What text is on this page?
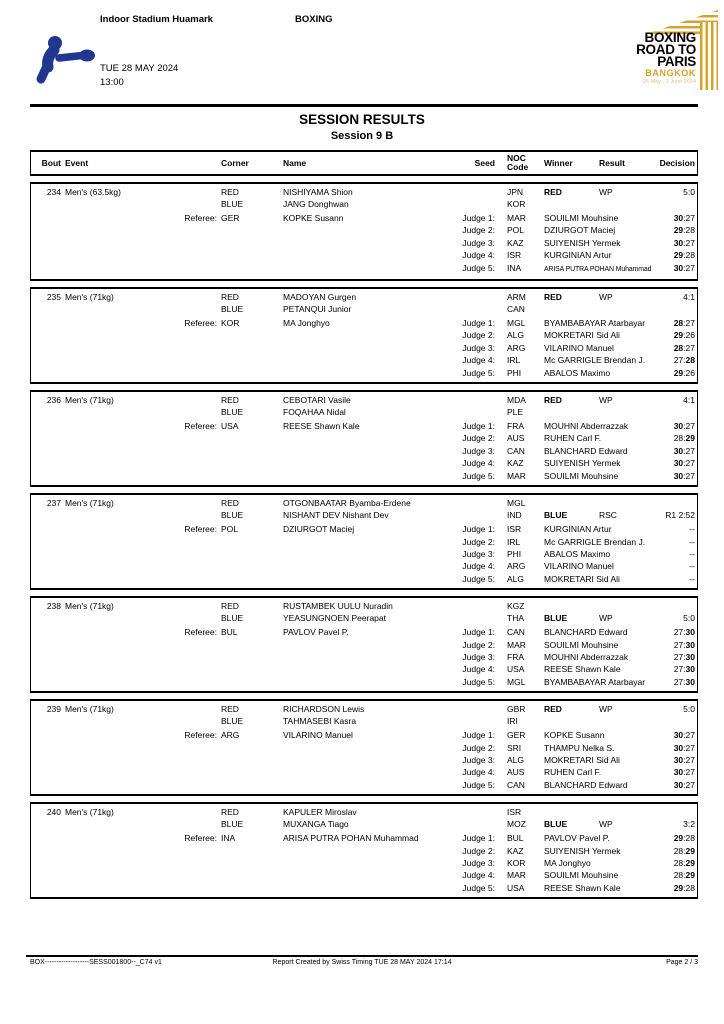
Indoor Stadium Huamark	BOXING
TUE 28 MAY 2024
13:00
BOXING
ROAD TO
PARIS
BANGKOK
26 May - 2 June 2024
SESSION RESULTS
Session 9 B
Bout Event	Corner	Name	Seed NOC
Code	Winner	Result	Decision
234 Men's (63.5kg)	RED	NISHIYAMA Shion	JPN	RED	WP	5:0
BLUE	JANG Donghwan	KOR
Referee: GER	KOPKE Susann	Judge 1:	MAR	SOUILMI Mouhsine	30:27
Judge 2:	POL	DZIURGOT Maciej	29:28
Judge 3:	KAZ	SUIYENISH Yermek	30:27
Judge 4:	ISR	KURGINIAN Artur	29:28
Judge 5:	INA	ARISA PUTRA POHAN Muhammad	30:27
235 Men's (71kg)	RED	MADOYAN Gurgen	ARM	RED	WP	4:1
BLUE	PETANQUI Junior	CAN
Referee: KOR	MA Jonghyo	Judge 1:	MGL	BYAMBABAYAR Atarbayar	28:27
Judge 2:	ALG	MOKRETARI Sid Ali	29:26
Judge 3:	ARG	VILARINO Manuel	28:27
Judge 4:	IRL	Mc GARRIGLE Brendan J.	27:28
Judge 5:	PHI	ABALOS Maximo	29:26
236 Men's (71kg)	RED	CEBOTARI Vasile	MDA	RED	WP	4:1
BLUE	FOQAHAA Nidal	PLE
Referee: USA	REESE Shawn Kale	Judge 1:	FRA	MOUHNI Abderrazzak	30:27
Judge 2:	AUS	RUHEN Carl F.	28:29
Judge 3:	CAN	BLANCHARD Edward	30:27
Judge 4:	KAZ	SUIYENISH Yermek	30:27
Judge 5:	MAR	SOUILMI Mouhsine	30:27
237 Men's (71kg)	RED	OTGONBAATAR Byamba-Erdene	MGL
BLUE	NISHANT DEV Nishant Dev	IND	BLUE	RSC	R1 2:52
Referee: POL	DZIURGOT Maciej	Judge 1:	ISR	KURGINIAN Artur	--
Judge 2:	IRL	Mc GARRIGLE Brendan J.	--
Judge 3:	PHI	ABALOS Maximo	--
Judge 4:	ARG	VILARINO Manuel	--
Judge 5:	ALG	MOKRETARI Sid Ali	--
238 Men's (71kg)	RED	RUSTAMBEK UULU Nuradin	KGZ
BLUE	YEASUNGNOEN Peerapat	THA	BLUE	WP	5:0
Referee: BUL	PAVLOV Pavel P.	Judge 1:	CAN	BLANCHARD Edward	27:30
Judge 2:	MAR	SOUILMI Mouhsine	27:30
Judge 3:	FRA	MOUHNI Abderrazzak	27:30
Judge 4:	USA	REESE Shawn Kale	27:30
Judge 5:	MGL	BYAMBABAYAR Atarbayar	27:30
239 Men's (71kg)	RED	RICHARDSON Lewis	GBR	RED	WP	5:0
BLUE	TAHMASEBI Kasra	IRI
Referee: ARG	VILARINO Manuel	Judge 1:	GER	KOPKE Susann	30:27
Judge 2:	SRI	THAMPU Nelka S.	30:27
Judge 3:	ALG	MOKRETARI Sid Ali	30:27
Judge 4:	AUS	RUHEN Carl F.	30:27
Judge 5:	CAN	BLANCHARD Edward	30:27
240 Men's (71kg)	RED	KAPULER Miroslav	ISR
BLUE	MUXANGA Tiago	MOZ	BLUE	WP	3:2
Referee: INA	ARISA PUTRA POHAN Muhammad	Judge 1:	BUL	PAVLOV Pavel P.	29:28
Judge 2:	KAZ	SUIYENISH Yermek	28:29
Judge 3:	KOR	MA Jonghyo	28:29
Judge 4:	MAR	SOUILMI Mouhsine	28:29
Judge 5:	USA	REESE Shawn Kale	29:28
BOX-------------------SESS001800--_C74 v1	Report Created by Swiss Timing TUE 28 MAY 2024 17:14	Page 2 / 3
